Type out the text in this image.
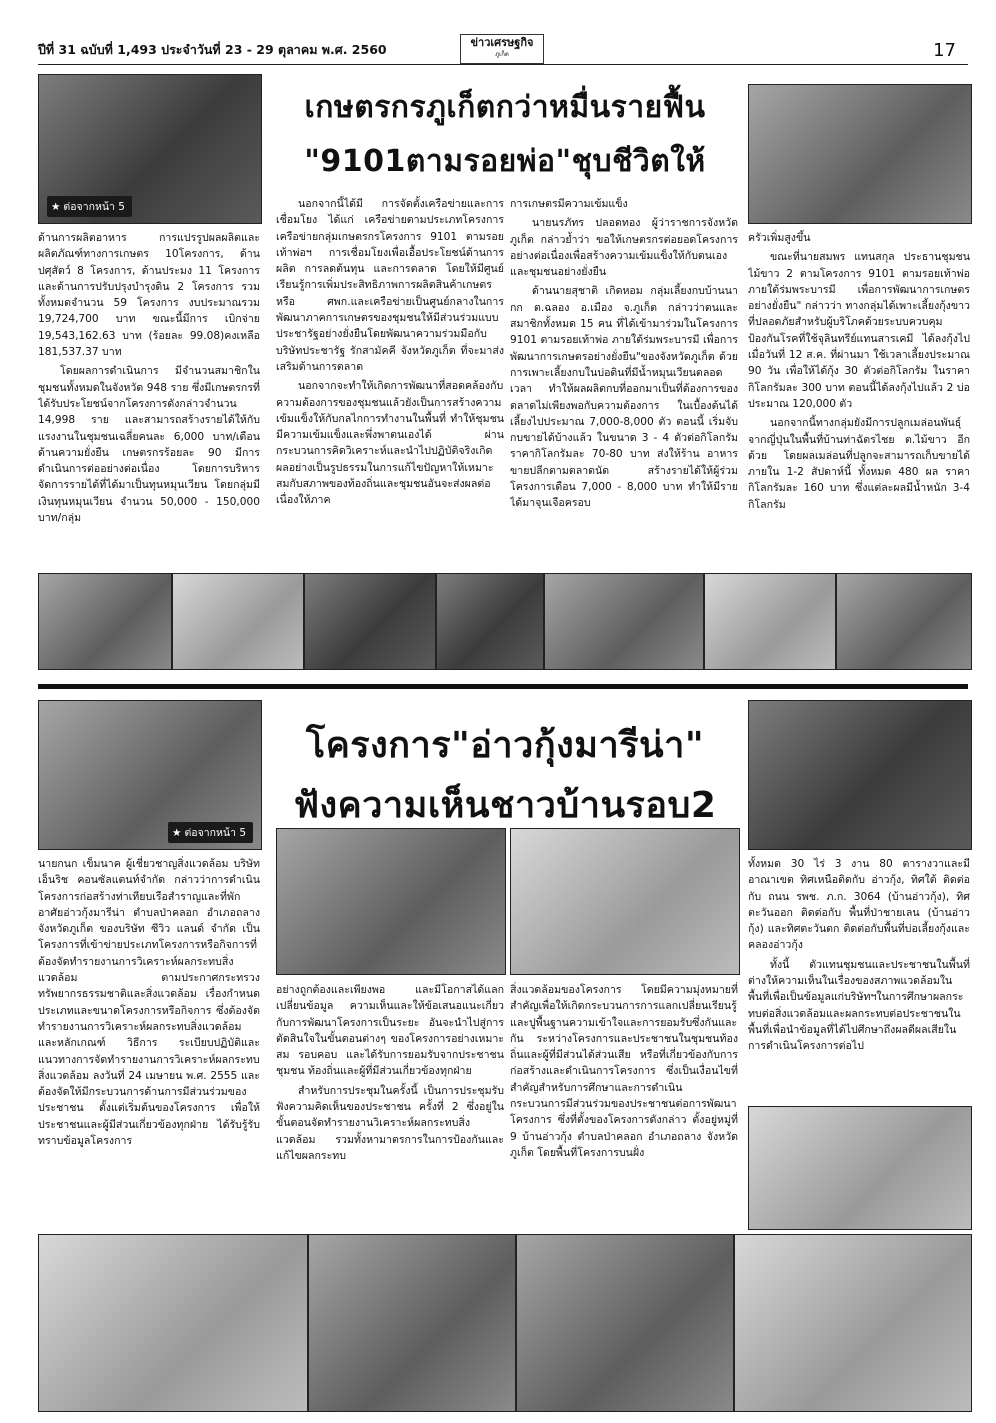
ปีที่ 31 ฉบับที่ 1,493 ประจำวันที่ 23 - 29 ตุลาคม พ.ศ. 2560	ข่าวเศรษฐกิจ
ภูเก็ต	17
★ ต่อจากหน้า 5
เกษตรกรภูเก็ตกว่าหมื่นรายฟื้น
"9101ตามรอยพ่อ"ชุบชีวิตให้

ด้านการผลิตอาหาร การแปรรูปผลผลิตและผลิตภัณฑ์ทางการเกษตร 10โครงการ, ด้านปศุสัตว์ 8 โครงการ, ด้านประมง 11 โครงการ และด้านการปรับปรุงบำรุงดิน 2 โครงการ รวมทั้งหมดจำนวน 59 โครงการ งบประมาณรวม 19,724,700 บาท ขณะนี้มีการ เบิกจ่าย 19,543,162.63 บาท (ร้อยละ 99.08)คงเหลือ 181,537.37 บาท

โดยผลการดำเนินการ มีจำนวนสมาชิกในชุมชนทั้งหมดในจังหวัด 948 ราย ซึ่งมีเกษตรกรที่ได้รับประโยชน์จากโครงการดังกล่าวจำนวน 14,998 ราย และสามารถสร้างรายได้ให้กับแรงงานในชุมชนเฉลี่ยคนละ 6,000 บาท/เดือน ด้านความยั่งยืน เกษตรกรร้อยละ 90 มีการดำเนินการต่ออย่างต่อเนื่อง โดยการบริหารจัดการรายได้ที่ได้มาเป็นทุนหมุนเวียน โดยกลุ่มมีเงินทุนหมุนเวียน จำนวน 50,000 - 150,000 บาท/กลุ่ม

นอกจากนี้ได้มี การจัดตั้งเครือข่ายและการเชื่อมโยง ได้แก่ เครือข่ายตามประเภทโครงการ เครือข่ายกลุ่มเกษตรกรโครงการ 9101 ตามรอยเท้าพ่อฯ การเชื่อมโยงเพื่อเอื้อประโยชน์ด้านการผลิต การลดต้นทุน และการตลาด โดยให้มีศูนย์เรียนรู้การเพิ่มประสิทธิภาพการผลิตสินค้าเกษตรหรือ ศพก.และเครือข่ายเป็นศูนย์กลางในการพัฒนาภาคการเกษตรของชุมชนให้มีส่วนร่วมแบบประชารัฐอย่างยั่งยืนโดยพัฒนาความร่วมมือกับ บริษัทประชารัฐ รักสามัคคี จังหวัดภูเก็ต ที่จะมาส่งเสริมด้านการตลาด

นอกจากจะทำให้เกิดการพัฒนาที่สอดคล้องกับความต้องการของชุมชนแล้วยังเป็นการสร้างความเข้มแข็งให้กับกลไกการทำงานในพื้นที่ ทำให้ชุมชนมีความเข้มแข็งและพึ่งพาตนเองได้ ผ่านกระบวนการคิดวิเคราะห์และนำไปปฏิบัติจริงเกิดผลอย่างเป็นรูปธรรมในการแก้ไขปัญหาให้เหมาะสมกับสภาพของท้องถิ่นและชุมชนอันจะส่งผลต่อเนื่องให้ภาค

การเกษตรมีความเข้มแข็ง

นายนรภัทร ปลอดทอง ผู้ว่าราชการจังหวัดภูเก็ต กล่าวย้ำว่า ขอให้เกษตรกรต่อยอดโครงการอย่างต่อเนื่องเพื่อสร้างความเข้มแข็งให้กับตนเองและชุมชนอย่างยั่งยืน

ด้านนายสุชาติ เกิดหอม กลุ่มเลี้ยงกบบ้านนากก ต.ฉลอง อ.เมือง จ.ภูเก็ต กล่าวว่าตนและสมาชิกทั้งหมด 15 คน ที่ได้เข้ามาร่วมในโครงการ 9101 ตามรอยเท้าพ่อ ภายใต้ร่มพระบารมี เพื่อการพัฒนาการเกษตรอย่างยั่งยืน"ของจังหวัดภูเก็ต ด้วยการเพาะเลี้ยงกบในบ่อดินที่มีน้ำหมุนเวียนตลอดเวลา ทำให้ผลผลิตกบที่ออกมาเป็นที่ต้องการของตลาดไม่เพียงพอกับความต้องการ ในเบื้องต้นได้เลี้ยงไปประมาณ 7,000-8,000 ตัว ตอนนี้ เริ่มจับกบขายได้บ้างแล้ว ในขนาด 3 - 4 ตัวต่อกิโลกรัม ราคากิโลกรัมละ 70-80 บาท ส่งให้ร้าน อาหาร ขายปลีกตามตลาดนัด สร้างรายได้ให้ผู้ร่วมโครงการเดือน 7,000 - 8,000 บาท ทำให้มีรายได้มาจุนเจือครอบ

ครัวเพิ่มสูงขึ้น

ขณะที่นายสมพร แทนสกุล ประธานชุมชนไม้ขาว 2 ตามโครงการ 9101 ตามรอยเท้าพ่อ ภายใต้ร่มพระบารมี เพื่อการพัฒนาการเกษตรอย่างยั่งยืน" กล่าวว่า ทางกลุ่มได้เพาะเลี้ยงกุ้งขาวที่ปลอดภัยสำหรับผู้บริโภคด้วยระบบควบคุมป้องกันโรคที่ใช้จุลินทรีย์แทนสารเคมี ได้ลงกุ้งไปเมื่อวันที่ 12 ส.ค. ที่ผ่านมา ใช้เวลาเลี้ยงประมาณ 90 วัน เพื่อให้ได้กุ้ง 30 ตัวต่อกิโลกรัม ในราคากิโลกรัมละ 300 บาท ตอนนี้ได้ลงกุ้งไปแล้ว 2 บ่อ ประมาณ 120,000 ตัว

นอกจากนี้ทางกลุ่มยังมีการปลูกเมล่อนพันธุ์จากญี่ปุ่นในพื้นที่บ้านท่าฉัตรไชย ต.ไม้ขาว อีกด้วย โดยผลเมล่อนที่ปลูกจะสามารถเก็บขายได้ภายใน 1-2 สัปดาห์นี้ ทั้งหมด 480 ผล ราคากิโลกรัมละ 160 บาท ซึ่งแต่ละผลมีน้ำหนัก 3-4 กิโลกรัม

★ ต่อจากหน้า 5
โครงการ"อ่าวกุ้งมารีน่า"
ฟังความเห็นชาวบ้านรอบ2

นายกนก เข็มนาค ผู้เชี่ยวชาญสิ่งแวดล้อม บริษัทเอ็นริช คอนซัลแตนท์จำกัด กล่าวว่าการดำเนินโครงการก่อสร้างท่าเทียบเรือสำราญและที่พักอาศัยอ่าวกุ้งมารีน่า ตำบลป่าคลอก อำเภอถลาง จังหวัดภูเก็ต ของบริษัท ซีวิว แลนด์ จำกัด เป็นโครงการที่เข้าข่ายประเภทโครงการหรือกิจการที่ต้องจัดทำรายงานการวิเคราะห์ผลกระทบสิ่งแวดล้อม ตามประกาศกระทรวงทรัพยากรธรรมชาติและสิ่งแวดล้อม เรื่องกำหนดประเภทและขนาดโครงการหรือกิจการ ซึ่งต้องจัดทำรายงานการวิเคราะห์ผลกระทบสิ่งแวดล้อม และหลักเกณฑ์ วิธีการ ระเบียบปฏิบัติและแนวทางการจัดทำรายงานการวิเคราะห์ผลกระทบสิ่งแวดล้อม ลงวันที่ 24 เมษายน พ.ศ. 2555 และต้องจัดให้มีกระบวนการด้านการมีส่วนร่วมของประชาชน ตั้งแต่เริ่มต้นของโครงการ เพื่อให้ประชาชนและผู้มีส่วนเกี่ยวข้องทุกฝ่าย ได้รับรู้รับทราบข้อมูลโครงการ

อย่างถูกต้องและเพียงพอ และมีโอกาสได้แลกเปลี่ยนข้อมูล ความเห็นและให้ข้อเสนอแนะเกี่ยวกับการพัฒนาโครงการเป็นระยะ อันจะนำไปสู่การตัดสินใจในขั้นตอนต่างๆ ของโครงการอย่างเหมาะสม รอบคอบ และได้รับการยอมรับจากประชาชน ชุมชน ท้องถิ่นและผู้ที่มีส่วนเกี่ยวข้องทุกฝ่าย

สำหรับการประชุมในครั้งนี้ เป็นการประชุมรับฟังความคิดเห็นของประชาชน ครั้งที่ 2 ซึ่งอยู่ในขั้นตอนจัดทำรายงานวิเคราะห์ผลกระทบสิ่งแวดล้อม รวมทั้งหามาตรการในการป้องกันและแก้ไขผลกระทบ

สิ่งแวดล้อมของโครงการ โดยมีความมุ่งหมายที่สำคัญเพื่อให้เกิดกระบวนการการแลกเปลี่ยนเรียนรู้ และปูพื้นฐานความเข้าใจและการยอมรับซึ่งกันและกัน ระหว่างโครงการและประชาชนในชุมชนท้องถิ่นและผู้ที่มีส่วนได้ส่วนเสีย หรือที่เกี่ยวข้องกับการก่อสร้างและดำเนินการโครงการ ซึ่งเป็นเงื่อนไขที่สำคัญสำหรับการศึกษาและการดำเนินกระบวนการมีส่วนร่วมของประชาชนต่อการพัฒนาโครงการ ซึ่งที่ตั้งของโครงการดังกล่าว ตั้งอยู่หมู่ที่ 9 บ้านอ่าวกุ้ง ตำบลป่าคลอก อำเภอถลาง จังหวัดภูเก็ต โดยพื้นที่โครงการบนฝั่ง

ทั้งหมด 30 ไร่ 3 งาน 80 ตารางวาและมีอาณาเขต ทิศเหนือติดกับ อ่าวกุ้ง, ทิศใต้ ติดต่อกับ ถนน รพช. ภ.ก. 3064 (บ้านอ่าวกุ้ง), ทิศตะวันออก ติดต่อกับ พื้นที่ป่าชายเลน (บ้านอ่าวกุ้ง) และทิศตะวันตก ติดต่อกับพื้นที่บ่อเลี้ยงกุ้งและคลองอ่าวกุ้ง

ทั้งนี้ ตัวแทนชุมชนและประชาชนในพื้นที่ต่างให้ความเห็นในเรื่องของสภาพแวดล้อมในพื้นที่เพื่อเป็นข้อมูลแก่บริษัทฯในการศึกษาผลกระทบต่อสิ่งแวดล้อมและผลกระทบต่อประชาชนในพื้นที่เพื่อนำข้อมูลที่ได้ไปศึกษาถึงผลดีผลเสียในการดำเนินโครงการต่อไป
